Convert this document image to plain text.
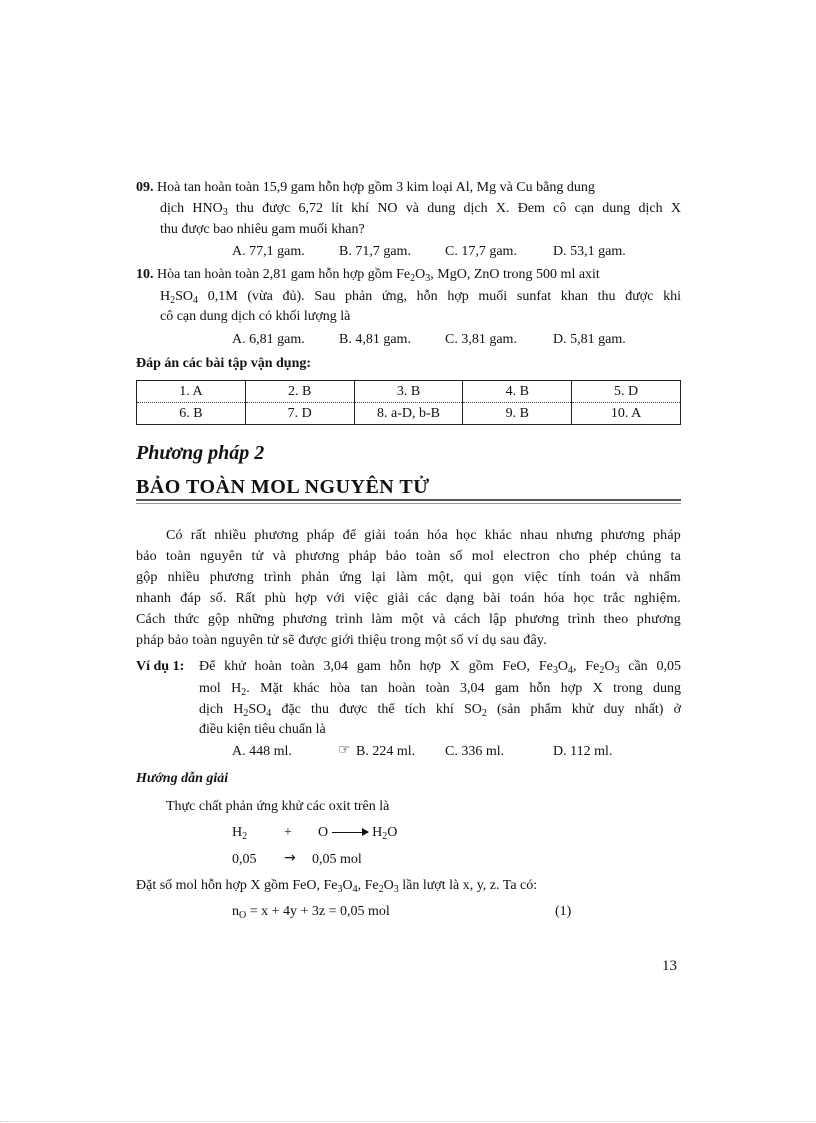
09. Hoà tan hoàn toàn 15,9 gam hỗn hợp gồm 3 kim loại Al, Mg và Cu bằng dung
dịch $HNO_3$ thu được 6,72 lít khí NO và dung dịch X. Đem cô cạn dung dịch X
thu được bao nhiêu gam muối khan?
A. 77,1 gam. B. 71,7 gam. C. 17,7 gam.	D. 53,1 gam.
10. Hòa tan hoàn toàn 2,81 gam hỗn hợp gồm $Fe_2O_3$, MgO, ZnO trong 500 ml axit
$H_2SO_4$ 0,1M (vừa đủ). Sau phản ứng, hỗn hợp muối sunfat khan thu được khi
cô cạn dung dịch có khối lượng là
A. 6,81 gam. B. 4,81 gam. C. 3,81 gam.	D. 5,81 gam.
Đáp án các bài tập vận dụng:
1. A	2. B	3. B	4. B	5. D
6. B	7. D	8. a-D, b-B	9. B	10. A
Phương pháp 2
BẢO TOÀN MOL NGUYÊN TỬ
Có rất nhiều phương pháp để giải toán hóa học khác nhau nhưng phương pháp
bảo toàn nguyên tử và phương pháp bảo toàn số mol electron cho phép chúng ta
gộp nhiều phương trình phản ứng lại làm một, qui gọn việc tính toán và nhẩm
nhanh đáp số. Rất phù hợp với việc giải các dạng bài toán hóa học trắc nghiệm.
Cách thức gộp những phương trình làm một và cách lập phương trình theo phương
pháp bảo toàn nguyên tử sẽ được giới thiệu trong một số ví dụ sau đây.
Ví dụ 1: Để khử hoàn toàn 3,04 gam hỗn hợp X gồm FeO, $Fe_3O_4$, $Fe_2O_3$ cần 0,05
mol $H_2$. Mặt khác hòa tan hoàn toàn 3,04 gam hỗn hợp X trong dung
dịch $H_2SO_4$ đặc thu được thể tích khí $SO_2$ (sản phẩm khử duy nhất) ở
điều kiện tiêu chuẩn là
A. 448 ml.	☞ B. 224 ml. C. 336 ml.	D. 112 ml.
Hướng dẫn giải
Thực chất phản ứng khử các oxit trên là
$H_2$	+ $O \to H_2O$
0,05 → 0,05 mol
Đặt số mol hỗn hợp X gồm FeO, $Fe_3O_4$, $Fe_2O_3$ lần lượt là x, y, z. Ta có:
$n_O = x + 4y + 3z = 0,05$ mol	(1)
13
